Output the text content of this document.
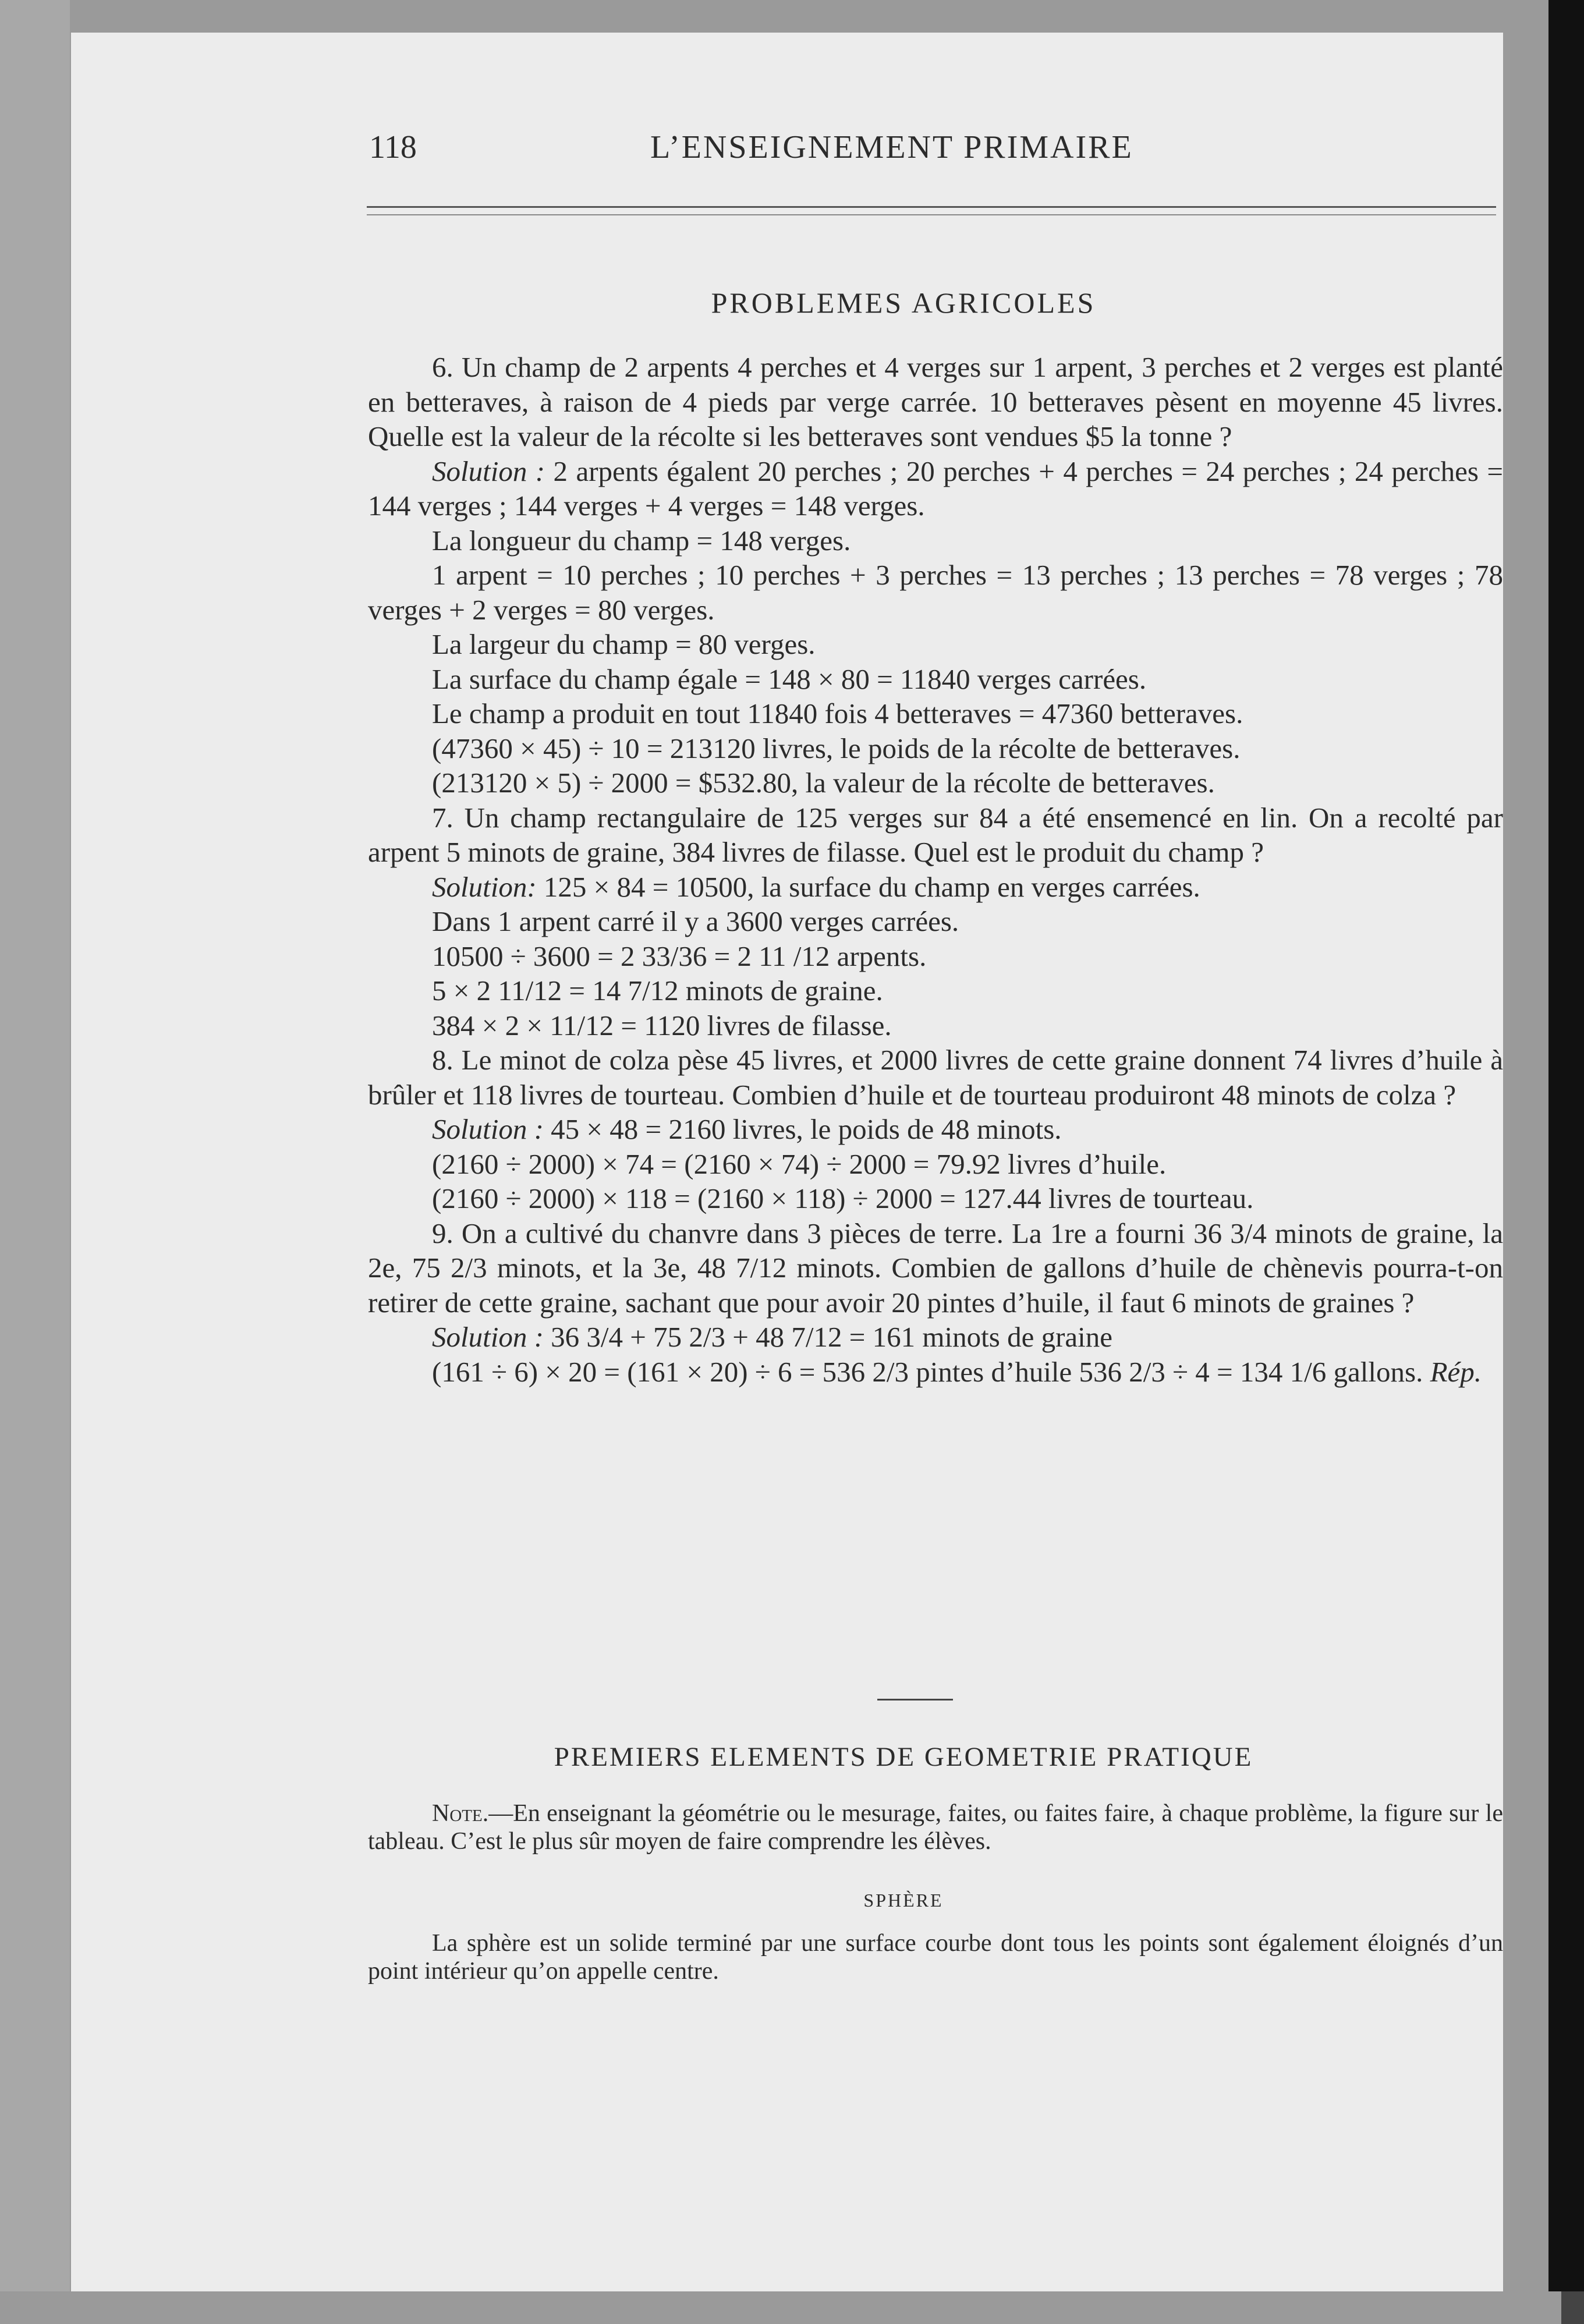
118	L’ENSEIGNEMENT PRIMAIRE
PROBLEMES AGRICOLES

6. Un champ de 2 arpents 4 perches et 4 verges sur 1 arpent, 3 perches et 2 verges est planté en betteraves, à raison de 4 pieds par verge carrée. 10 betteraves pèsent en moyenne 45 livres. Quelle est la valeur de la récolte si les betteraves sont vendues $5 la tonne ?

Solution : 2 arpents égalent 20 perches ; 20 perches + 4 perches = 24 perches ; 24 perches = 144 verges ; 144 verges + 4 verges = 148 verges.

La longueur du champ = 148 verges.

1 arpent = 10 perches ; 10 perches + 3 perches = 13 perches ; 13 perches = 78 verges ; 78 verges + 2 verges = 80 verges.

La largeur du champ = 80 verges.

La surface du champ égale = 148 × 80 = 11840 verges carrées.

Le champ a produit en tout 11840 fois 4 betteraves = 47360 betteraves.

(47360 × 45) ÷ 10 = 213120 livres, le poids de la récolte de betteraves.

(213120 × 5) ÷ 2000 = $532.80, la valeur de la récolte de betteraves.

7. Un champ rectangulaire de 125 verges sur 84 a été ensemencé en lin. On a recolté par arpent 5 minots de graine, 384 livres de filasse. Quel est le produit du champ ?

Solution: 125 × 84 = 10500, la surface du champ en verges carrées.

Dans 1 arpent carré il y a 3600 verges carrées.

10500 ÷ 3600 = 2 33/36 = 2 11 /12 arpents.

5 × 2 11/12 = 14 7/12 minots de graine.

384 × 2 × 11/12 = 1120 livres de filasse.

8. Le minot de colza pèse 45 livres, et 2000 livres de cette graine donnent 74 livres d’huile à brûler et 118 livres de tourteau. Combien d’huile et de tourteau produiront 48 minots de colza ?

Solution : 45 × 48 = 2160 livres, le poids de 48 minots.

(2160 ÷ 2000) × 74 = (2160 × 74) ÷ 2000 = 79.92 livres d’huile.

(2160 ÷ 2000) × 118 = (2160 × 118) ÷ 2000 = 127.44 livres de tourteau.

9. On a cultivé du chanvre dans 3 pièces de terre. La 1re a fourni 36 3/4 minots de graine, la 2e, 75 2/3 minots, et la 3e, 48 7/12 minots. Combien de gallons d’huile de chènevis pourra-t-on retirer de cette graine, sachant que pour avoir 20 pintes d’huile, il faut 6 minots de graines ?

Solution : 36 3/4 + 75 2/3 + 48 7/12 = 161 minots de graine

(161 ÷ 6) × 20 = (161 × 20) ÷ 6 = 536 2/3 pintes d’huile 536 2/3 ÷ 4 = 134 1/6 gallons. Rép.

PREMIERS ELEMENTS DE GEOMETRIE PRATIQUE

Note.—En enseignant la géométrie ou le mesurage, faites, ou faites faire, à chaque problème, la figure sur le tableau. C’est le plus sûr moyen de faire comprendre les élèves.

SPHÈRE

La sphère est un solide terminé par une surface courbe dont tous les points sont également éloignés d’un point intérieur qu’on appelle centre.
